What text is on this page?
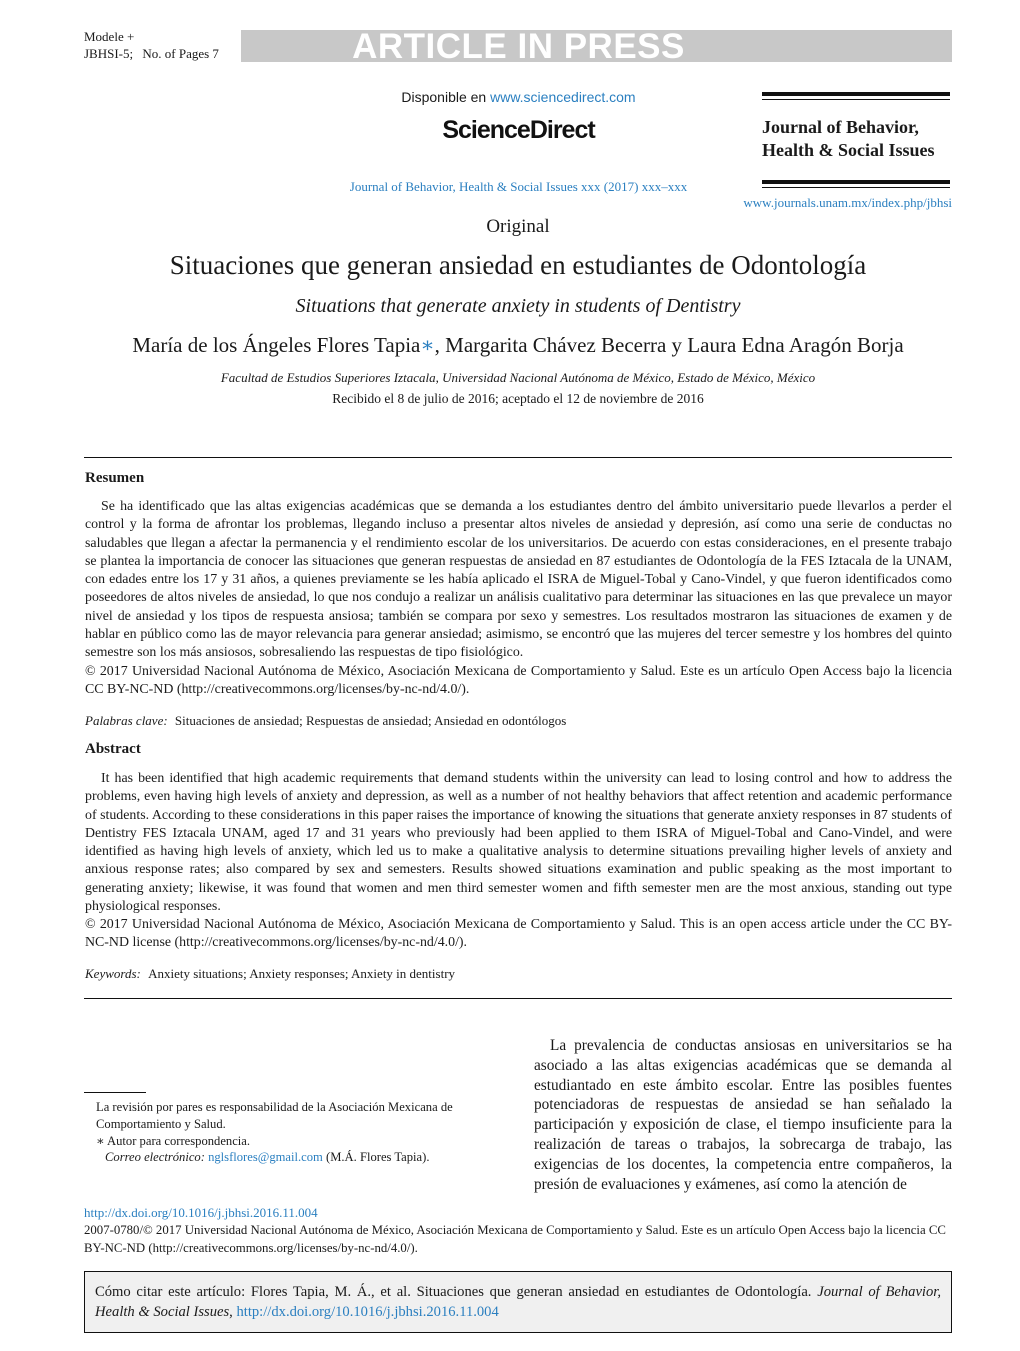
Modele +
JBHSI-5; No. of Pages 7	ARTICLE IN PRESS
Disponible en www.sciencedirect.com
ScienceDirect
Journal of Behavior, Health & Social Issues xxx (2017) xxx–xxx
Journal of Behavior,
Health & Social Issues
www.journals.unam.mx/index.php/jbhsi
Original
Situaciones que generan ansiedad en estudiantes de Odontología
Situations that generate anxiety in students of Dentistry
María de los Ángeles Flores Tapia∗, Margarita Chávez Becerra y Laura Edna Aragón Borja
Facultad de Estudios Superiores Iztacala, Universidad Nacional Autónoma de México, Estado de México, México
Recibido el 8 de julio de 2016; aceptado el 12 de noviembre de 2016
Resumen
Se ha identificado que las altas exigencias académicas que se demanda a los estudiantes dentro del ámbito universitario puede llevarlos a perder el control y la forma de afrontar los problemas, llegando incluso a presentar altos niveles de ansiedad y depresión, así como una serie de conductas no saludables que llegan a afectar la permanencia y el rendimiento escolar de los universitarios. De acuerdo con estas consideraciones, en el presente trabajo se plantea la importancia de conocer las situaciones que generan respuestas de ansiedad en 87 estudiantes de Odontología de la FES Iztacala de la UNAM, con edades entre los 17 y 31 años, a quienes previamente se les había aplicado el ISRA de Miguel-Tobal y Cano-Vindel, y que fueron identificados como poseedores de altos niveles de ansiedad, lo que nos condujo a realizar un análisis cualitativo para determinar las situaciones en las que prevalece un mayor nivel de ansiedad y los tipos de respuesta ansiosa; también se compara por sexo y semestres. Los resultados mostraron las situaciones de examen y de hablar en público como las de mayor relevancia para generar ansiedad; asimismo, se encontró que las mujeres del tercer semestre y los hombres del quinto semestre son los más ansiosos, sobresaliendo las respuestas de tipo fisiológico.
© 2017 Universidad Nacional Autónoma de México, Asociación Mexicana de Comportamiento y Salud. Este es un artículo Open Access bajo la licencia CC BY-NC-ND (http://creativecommons.org/licenses/by-nc-nd/4.0/).
Palabras clave: Situaciones de ansiedad; Respuestas de ansiedad; Ansiedad en odontólogos
Abstract
It has been identified that high academic requirements that demand students within the university can lead to losing control and how to address the problems, even having high levels of anxiety and depression, as well as a number of not healthy behaviors that affect retention and academic performance of students. According to these considerations in this paper raises the importance of knowing the situations that generate anxiety responses in 87 students of Dentistry FES Iztacala UNAM, aged 17 and 31 years who previously had been applied to them ISRA of Miguel-Tobal and Cano-Vindel, and were identified as having high levels of anxiety, which led us to make a qualitative analysis to determine situations prevailing higher levels of anxiety and anxious response rates; also compared by sex and semesters. Results showed situations examination and public speaking as the most important to generating anxiety; likewise, it was found that women and men third semester women and fifth semester men are the most anxious, standing out type physiological responses.
© 2017 Universidad Nacional Autónoma de México, Asociación Mexicana de Comportamiento y Salud. This is an open access article under the CC BY-NC-ND license (http://creativecommons.org/licenses/by-nc-nd/4.0/).
Keywords: Anxiety situations; Anxiety responses; Anxiety in dentistry
La prevalencia de conductas ansiosas en universitarios se ha asociado a las altas exigencias académicas que se demanda al estudiantado en este ámbito escolar. Entre las posibles fuentes potenciadoras de respuestas de ansiedad se han señalado la participación y exposición de clase, el tiempo insuficiente para la realización de tareas o trabajos, la sobrecarga de trabajo, las exigencias de los docentes, la competencia entre compañeros, la presión de evaluaciones y exámenes, así como la atención de
La revisión por pares es responsabilidad de la Asociación Mexicana de Comportamiento y Salud.
∗ Autor para correspondencia.
Correo electrónico: nglsflores@gmail.com (M.Á. Flores Tapia).
http://dx.doi.org/10.1016/j.jbhsi.2016.11.004
2007-0780/© 2017 Universidad Nacional Autónoma de México, Asociación Mexicana de Comportamiento y Salud. Este es un artículo Open Access bajo la licencia CC BY-NC-ND (http://creativecommons.org/licenses/by-nc-nd/4.0/).
Cómo citar este artículo: Flores Tapia, M. Á., et al. Situaciones que generan ansiedad en estudiantes de Odontología. Journal of Behavior, Health & Social Issues, http://dx.doi.org/10.1016/j.jbhsi.2016.11.004
